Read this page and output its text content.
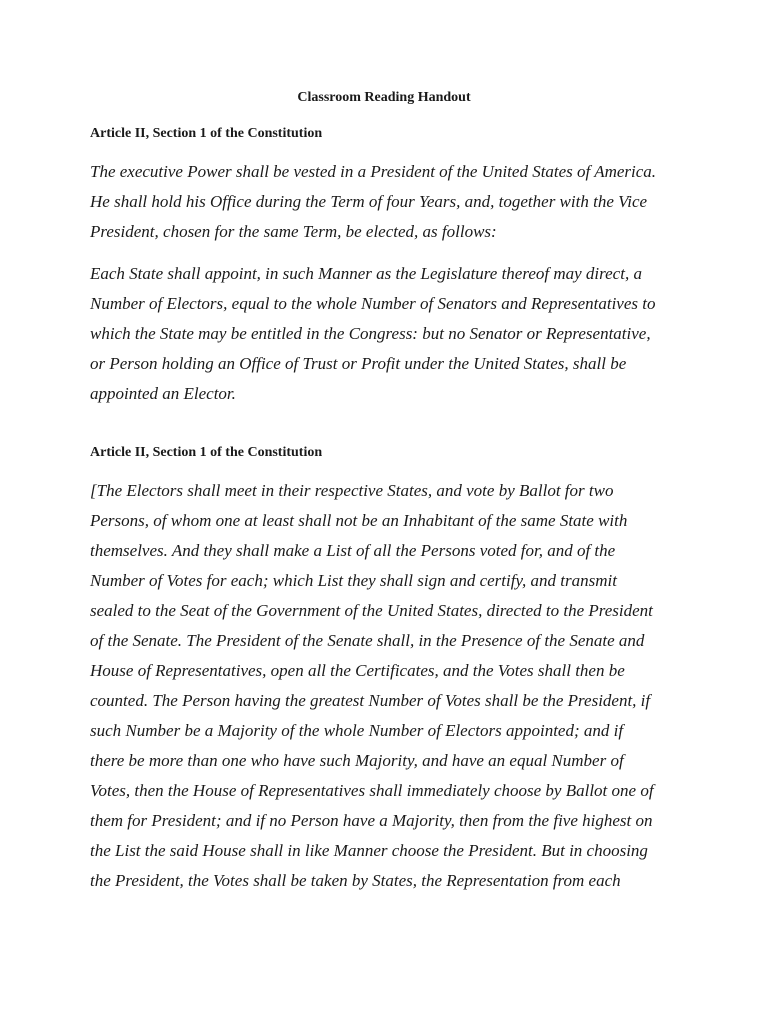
Classroom Reading Handout
Article II, Section 1 of the Constitution

The executive Power shall be vested in a President of the United States of America.
He shall hold his Office during the Term of four Years, and, together with the Vice
President, chosen for the same Term, be elected, as follows:

Each State shall appoint, in such Manner as the Legislature thereof may direct, a
Number of Electors, equal to the whole Number of Senators and Representatives to
which the State may be entitled in the Congress: but no Senator or Representative,
or Person holding an Office of Trust or Profit under the United States, shall be
appointed an Elector.

Article II, Section 1 of the Constitution

[The Electors shall meet in their respective States, and vote by Ballot for two
Persons, of whom one at least shall not be an Inhabitant of the same State with
themselves. And they shall make a List of all the Persons voted for, and of the
Number of Votes for each; which List they shall sign and certify, and transmit
sealed to the Seat of the Government of the United States, directed to the President
of the Senate. The President of the Senate shall, in the Presence of the Senate and
House of Representatives, open all the Certificates, and the Votes shall then be
counted. The Person having the greatest Number of Votes shall be the President, if
such Number be a Majority of the whole Number of Electors appointed; and if
there be more than one who have such Majority, and have an equal Number of
Votes, then the House of Representatives shall immediately choose by Ballot one of
them for President; and if no Person have a Majority, then from the five highest on
the List the said House shall in like Manner choose the President. But in choosing
the President, the Votes shall be taken by States, the Representation from each
